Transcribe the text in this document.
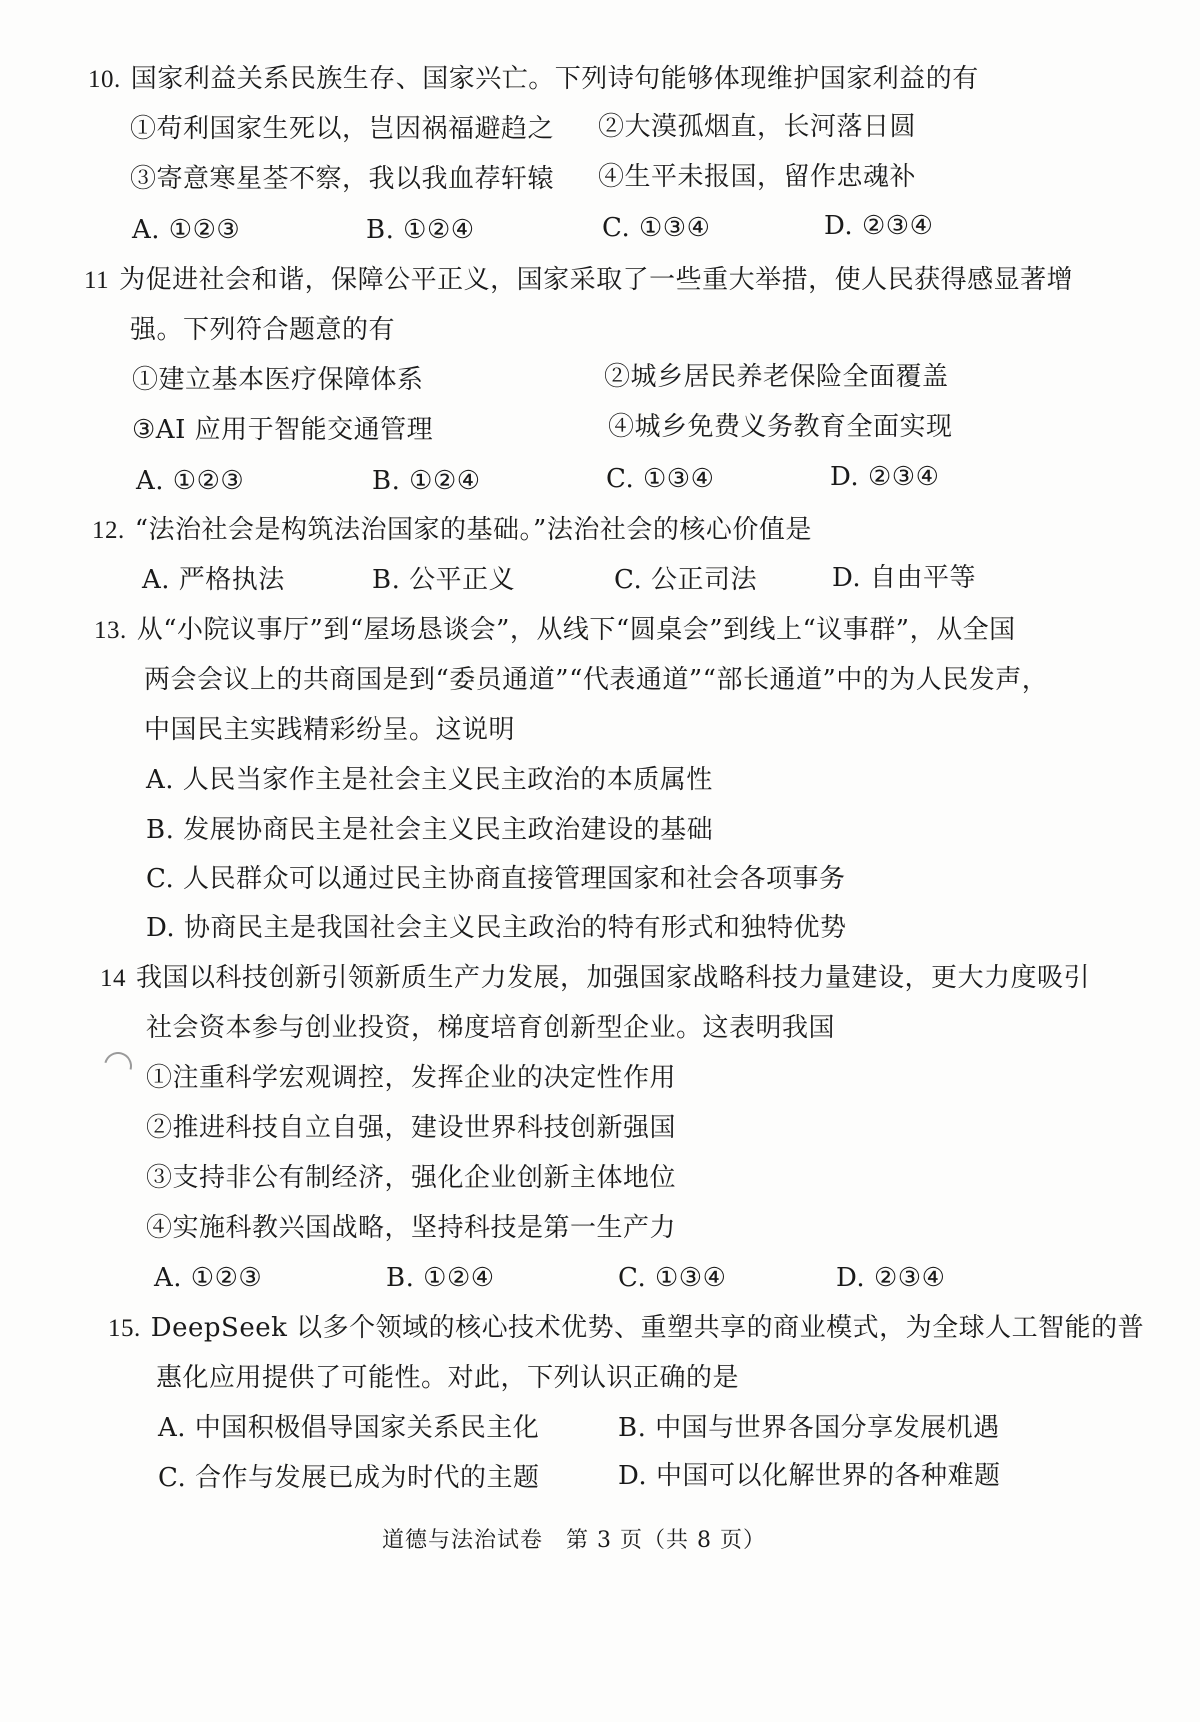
10. 国家利益关系民族生存、国家兴亡。下列诗句能够体现维护国家利益的有
①苟利国家生死以，岂因祸福避趋之 ②大漠孤烟直，长河落日圆
③寄意寒星荃不察，我以我血荐轩辕 ④生平未报国，留作忠魂补
A. ①②③	B. ①②④	C. ①③④	D. ②③④
11 为促进社会和谐，保障公平正义，国家采取了一些重大举措，使人民获得感显著增
强。下列符合题意的有
①建立基本医疗保障体系	②城乡居民养老保险全面覆盖
③AI 应用于智能交通管理	④城乡免费义务教育全面实现
A. ①②③	B. ①②④	C. ①③④	D. ②③④
12. “法治社会是构筑法治国家的基础。”法治社会的核心价值是
A. 严格执法	B. 公平正义	C. 公正司法	D. 自由平等
13. 从“小院议事厅”到“屋场恳谈会”，从线下“圆桌会”到线上“议事群”，从全国
两会会议上的共商国是到“委员通道”“代表通道”“部长通道”中的为人民发声，
中国民主实践精彩纷呈。这说明
A. 人民当家作主是社会主义民主政治的本质属性
B. 发展协商民主是社会主义民主政治建设的基础
C. 人民群众可以通过民主协商直接管理国家和社会各项事务
D. 协商民主是我国社会主义民主政治的特有形式和独特优势
14 我国以科技创新引领新质生产力发展，加强国家战略科技力量建设，更大力度吸引
社会资本参与创业投资，梯度培育创新型企业。这表明我国
①注重科学宏观调控，发挥企业的决定性作用
②推进科技自立自强，建设世界科技创新强国
③支持非公有制经济，强化企业创新主体地位
④实施科教兴国战略，坚持科技是第一生产力
A. ①②③	B. ①②④	C. ①③④	D. ②③④
15. DeepSeek 以多个领域的核心技术优势、重塑共享的商业模式，为全球人工智能的普
惠化应用提供了可能性。对此，下列认识正确的是
A. 中国积极倡导国家关系民主化	B. 中国与世界各国分享发展机遇
C. 合作与发展已成为时代的主题	D. 中国可以化解世界的各种难题
道德与法治试卷　第 3 页（共 8 页）
